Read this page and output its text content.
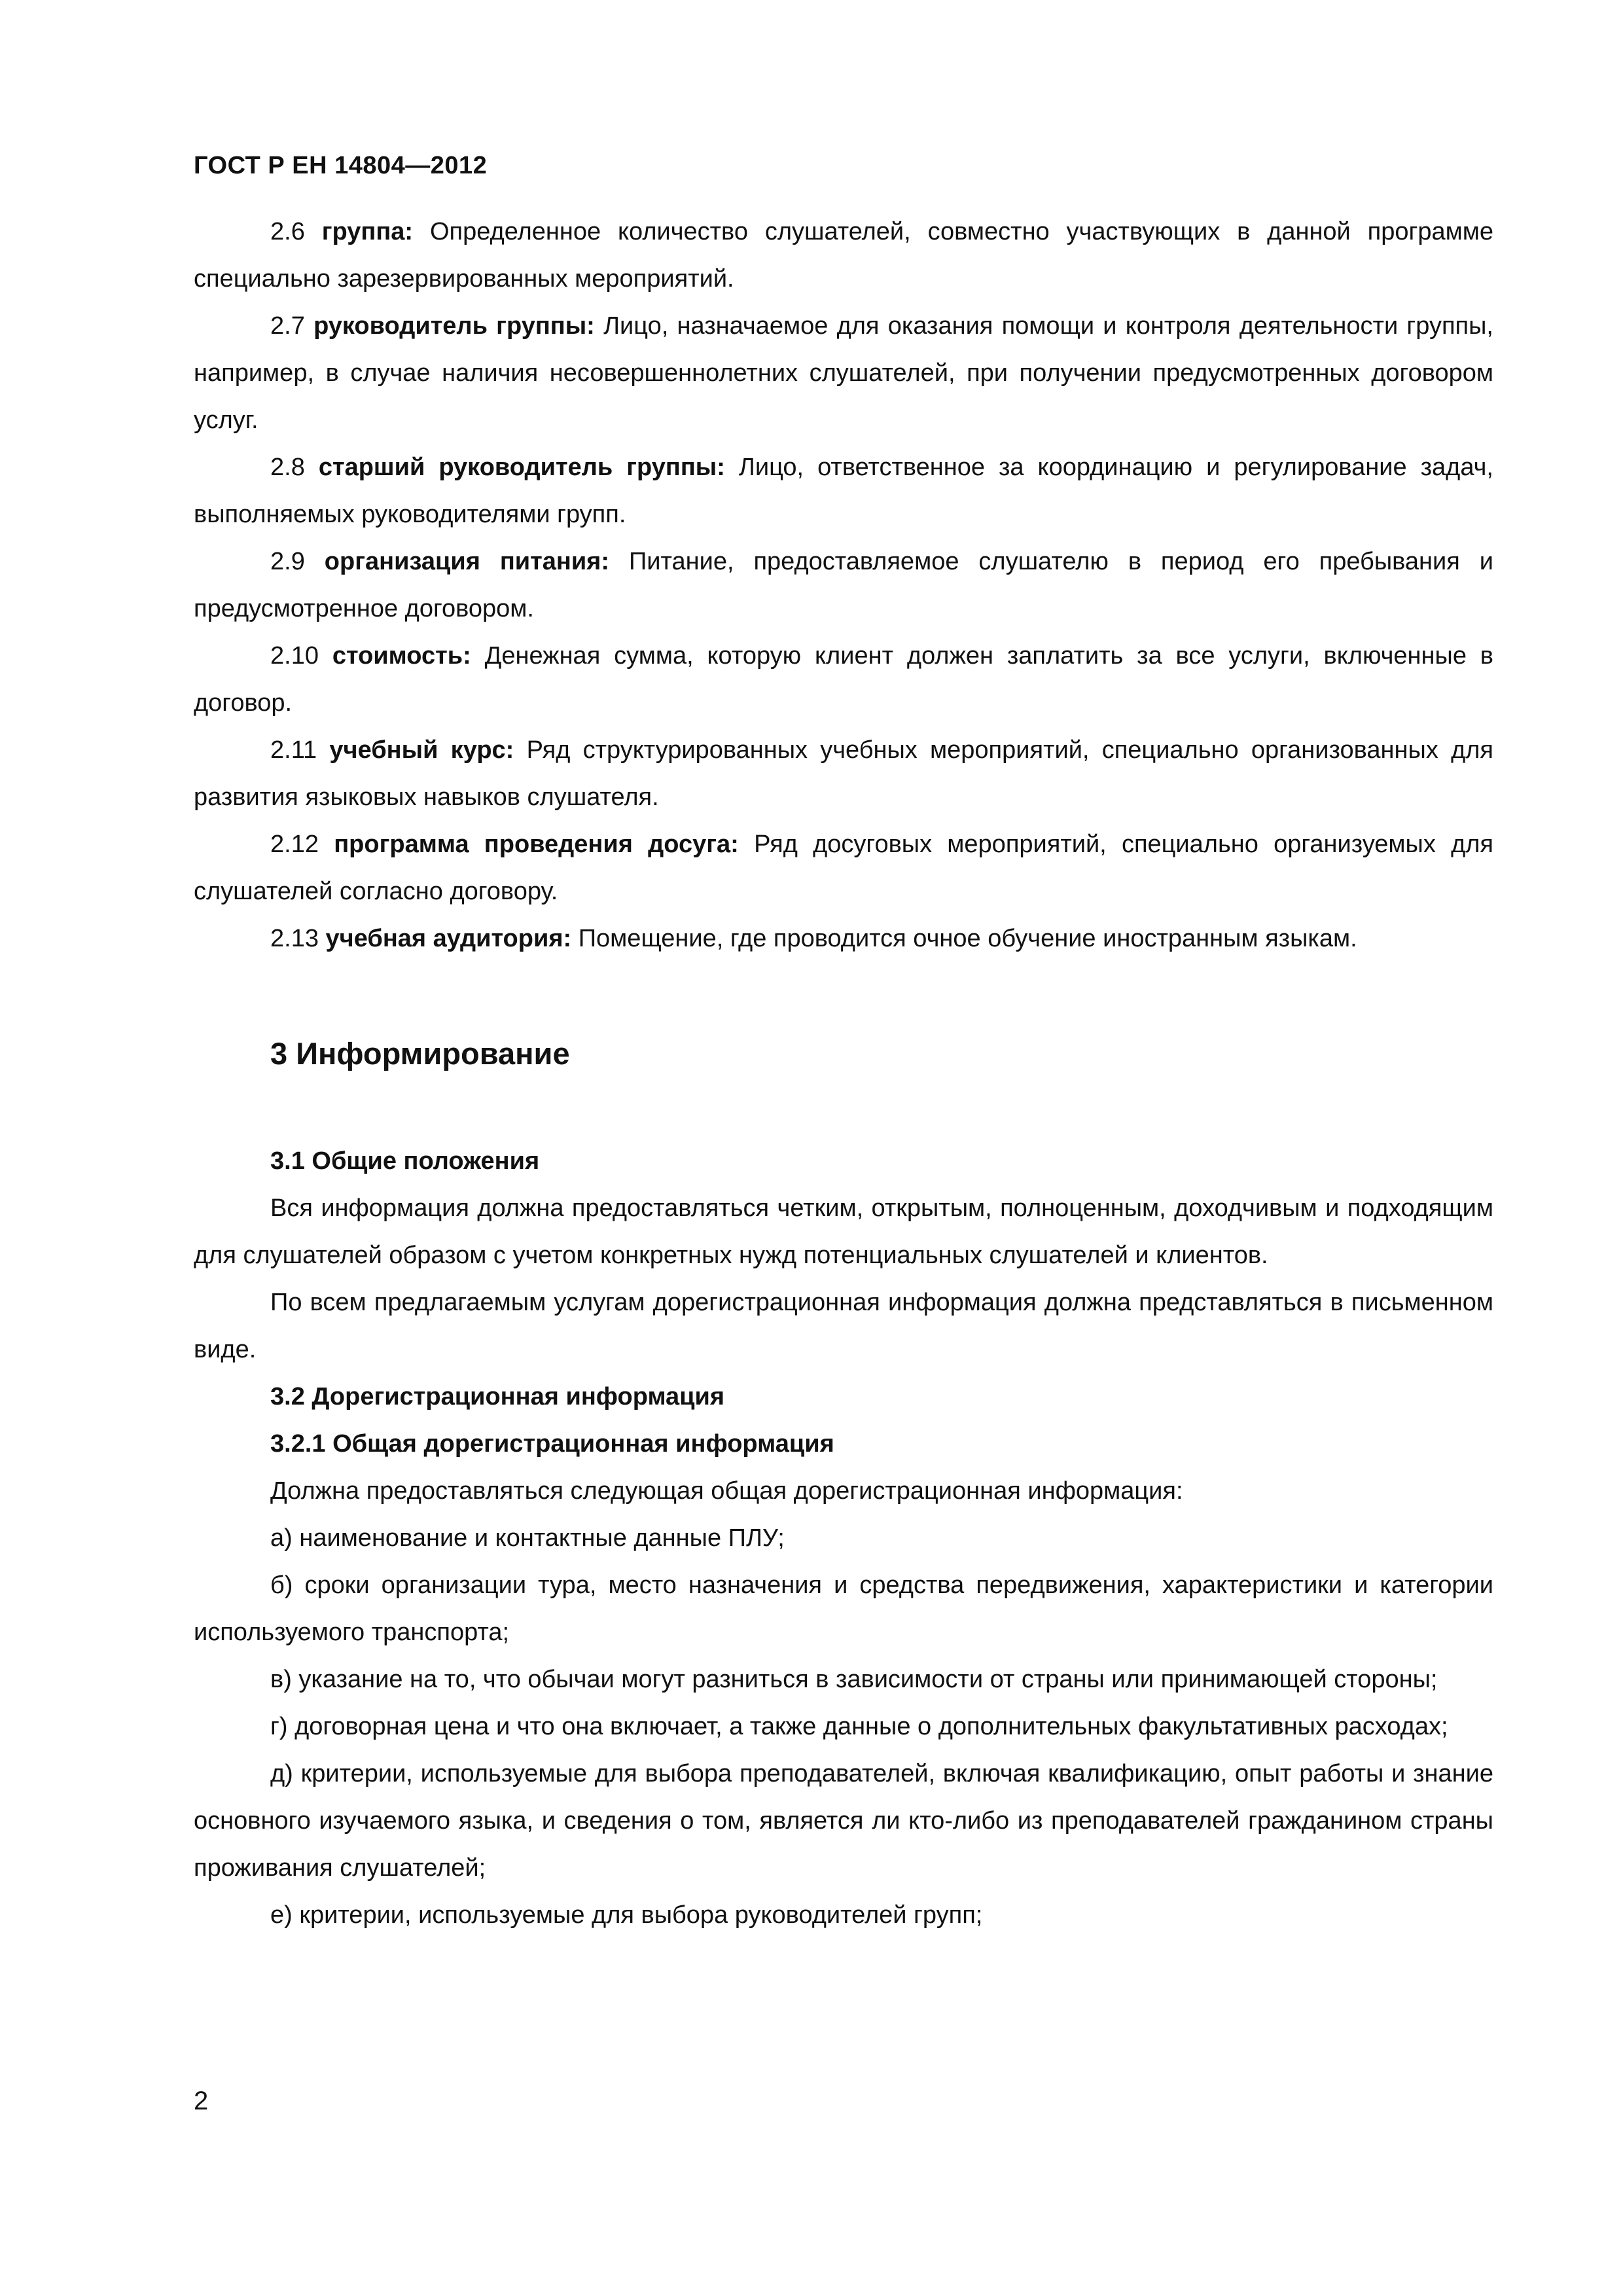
ГОСТ Р ЕН 14804—2012

2.6 группа: Определенное количество слушателей, совместно участвующих в данной программе специально зарезервированных мероприятий.

2.7 руководитель группы: Лицо, назначаемое для оказания помощи и контроля деятельности группы, например, в случае наличия несовершеннолетних слушателей, при получении предусмотренных договором услуг.

2.8 старший руководитель группы: Лицо, ответственное за координацию и регулирование задач, выполняемых руководителями групп.

2.9 организация питания: Питание, предоставляемое слушателю в период его пребывания и предусмотренное договором.

2.10 стоимость: Денежная сумма, которую клиент должен заплатить за все услуги, включенные в договор.

2.11 учебный курс: Ряд структурированных учебных мероприятий, специально организованных для развития языковых навыков слушателя.

2.12 программа проведения досуга: Ряд досуговых мероприятий, специально организуемых для слушателей согласно договору.

2.13 учебная аудитория: Помещение, где проводится очное обучение иностранным языкам.

3 Информирование

3.1 Общие положения

Вся информация должна предоставляться четким, открытым, полноценным, доходчивым и подходящим для слушателей образом с учетом конкретных нужд потенциальных слушателей и клиентов.

По всем предлагаемым услугам дорегистрационная информация должна представляться в письменном виде.

3.2 Дорегистрационная информация

3.2.1 Общая дорегистрационная информация

Должна предоставляться следующая общая дорегистрационная информация:

а) наименование и контактные данные ПЛУ;

б) сроки организации тура, место назначения и средства передвижения, характеристики и категории используемого транспорта;

в) указание на то, что обычаи могут разниться в зависимости от страны или принимающей стороны;

г) договорная цена и что она включает, а также данные о дополнительных факультативных расходах;

д) критерии, используемые для выбора преподавателей, включая квалификацию, опыт работы и знание основного изучаемого языка, и сведения о том, является ли кто-либо из преподавателей гражданином страны проживания слушателей;

е) критерии, используемые для выбора руководителей групп;

2
